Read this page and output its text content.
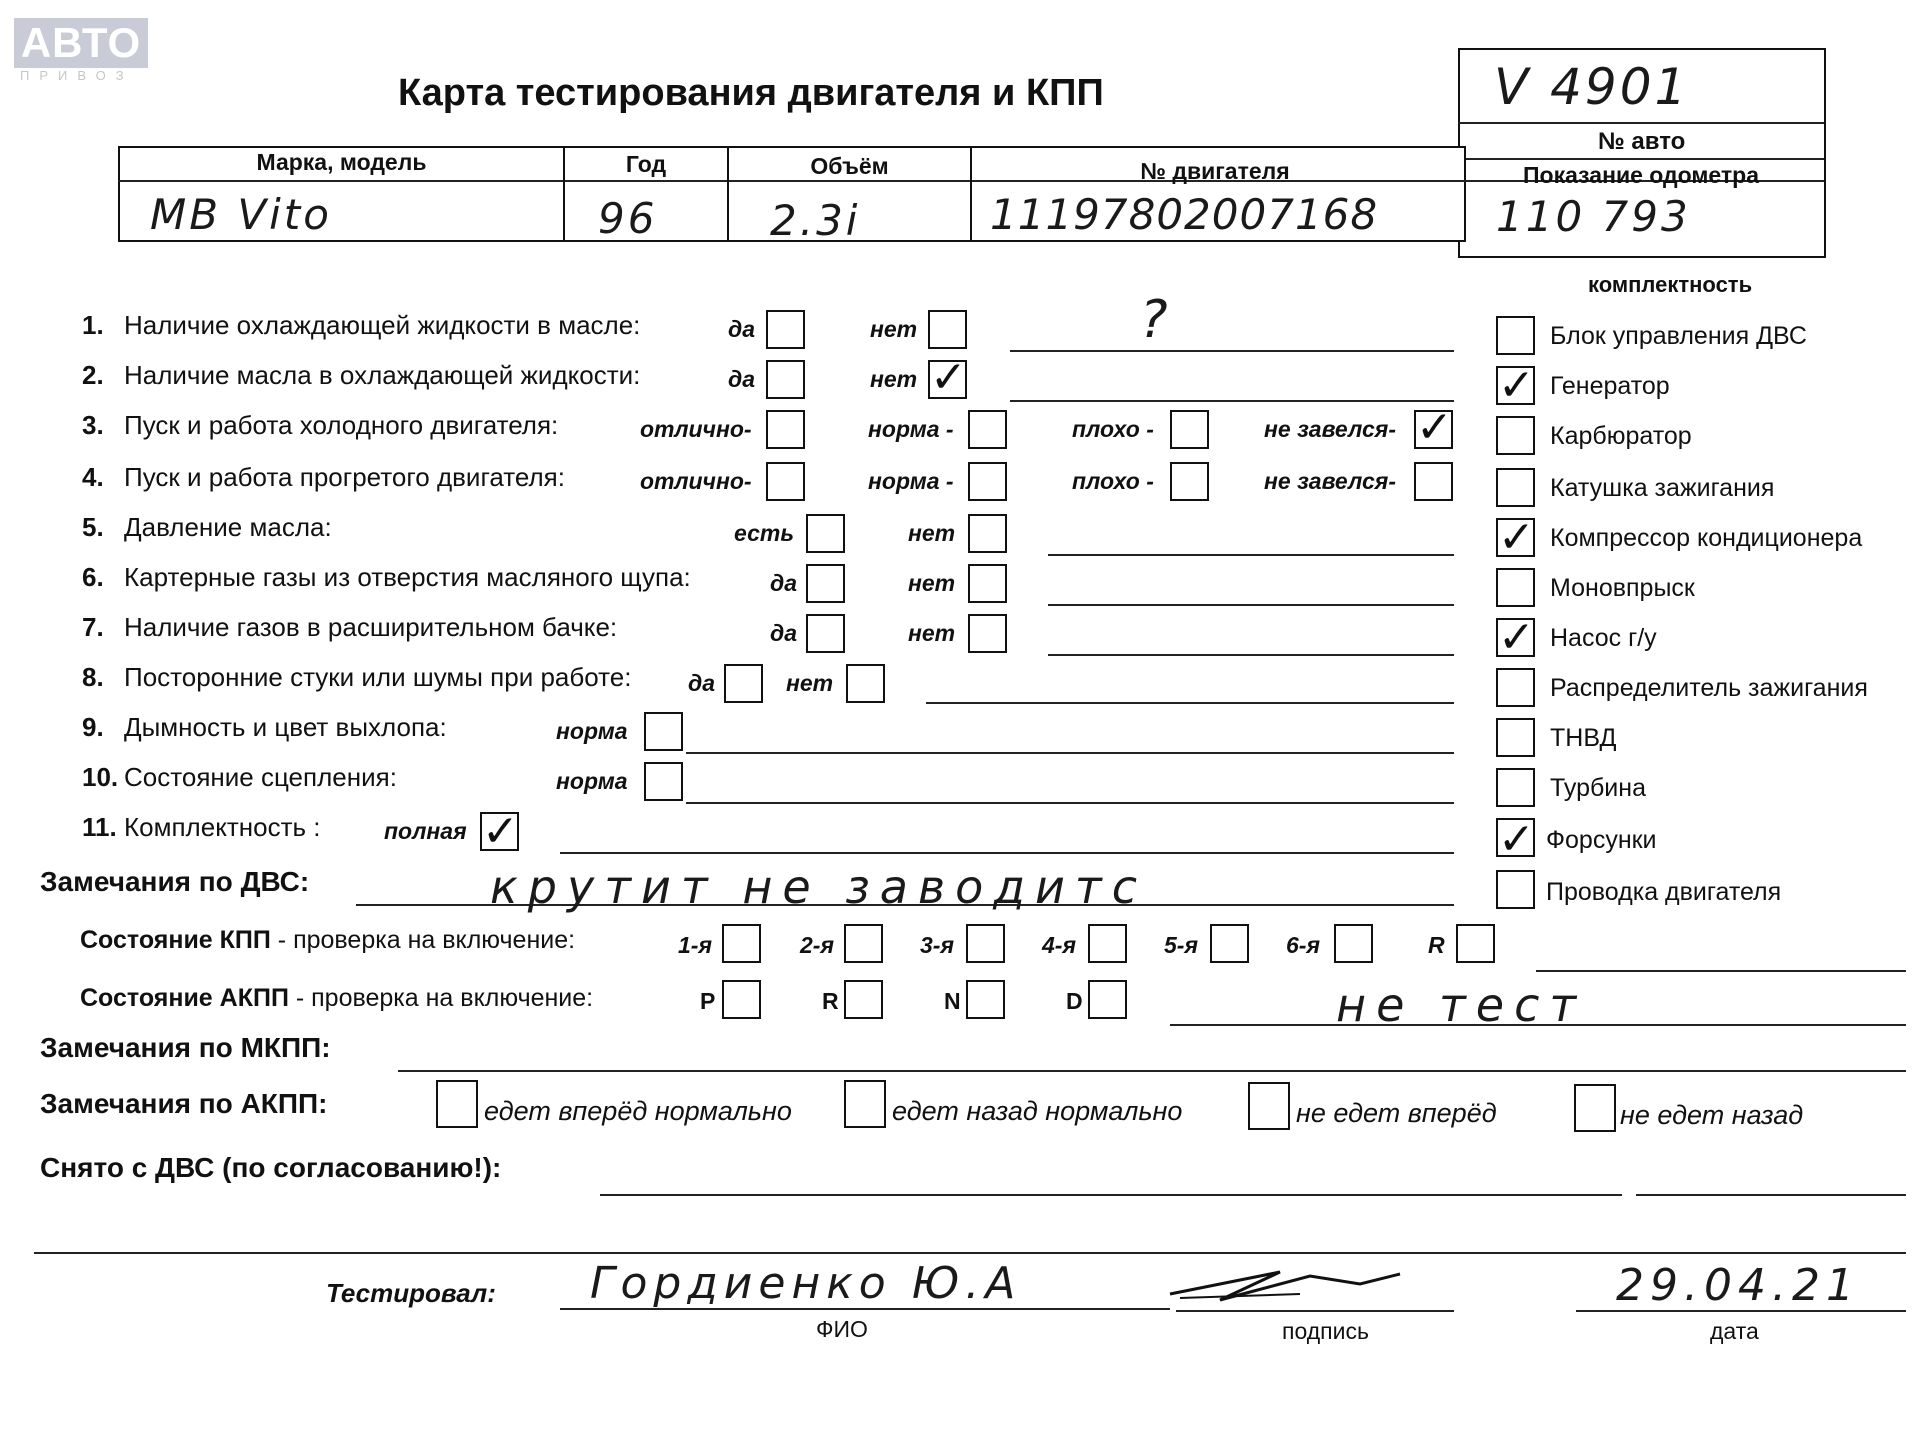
АВТО
ПРИВОЗ	Карта тестирования двигателя и КПП	V 4901
№ авто
Марка, модель	Год	Объём	№ двигателя	Показание одометра
MB Vito	96	2.3i	11197802007168	110 793
комплектность
1. Наличие охлаждающей жидкости в масле:	да	нет	?
2. Наличие масла в охлаждающей жидкости:	да	нет ✓
3. Пуск и работа холодного двигателя:	отлично-	норма -	плохо -	не завелся- ✓
4. Пуск и работа прогретого двигателя:	отлично-	норма -	плохо -	не завелся-
5. Давление масла:	есть	нет
6. Картерные газы из отверстия масляного щупа:	да	нет
7. Наличие газов в расширительном бачке:	да	нет
8. Посторонние стуки или шумы при работе: да	нет
9. Дымность и цвет выхлопа:	норма
10. Состояние сцепления:	норма
11. Комплектность :	полная ✓
Блок управления ДВС
✓ Генератор
Карбюратор
Катушка зажигания
✓ Компрессор кондиционера
Моновпрыск
✓ Насос г/у
Распределитель зажигания
ТНВД
Турбина
✓ Форсунки
Проводка двигателя
Замечания по ДВС:	крутит не заводитс
Состояние КПП - проверка на включение:	1-я	2-я	3-я	4-я	5-я	6-я	R
Состояние АКПП - проверка на включение:	P	R	N	D	не тест
Замечания по МКПП:
Замечания по АКПП:	едет вперёд нормально	едет назад нормально	не едет вперёд	не едет назад
Снято с ДВС (по согласованию!):
Тестировал: Гордиенко Ю.А
ФИО	подпись
29.04.21
дата
